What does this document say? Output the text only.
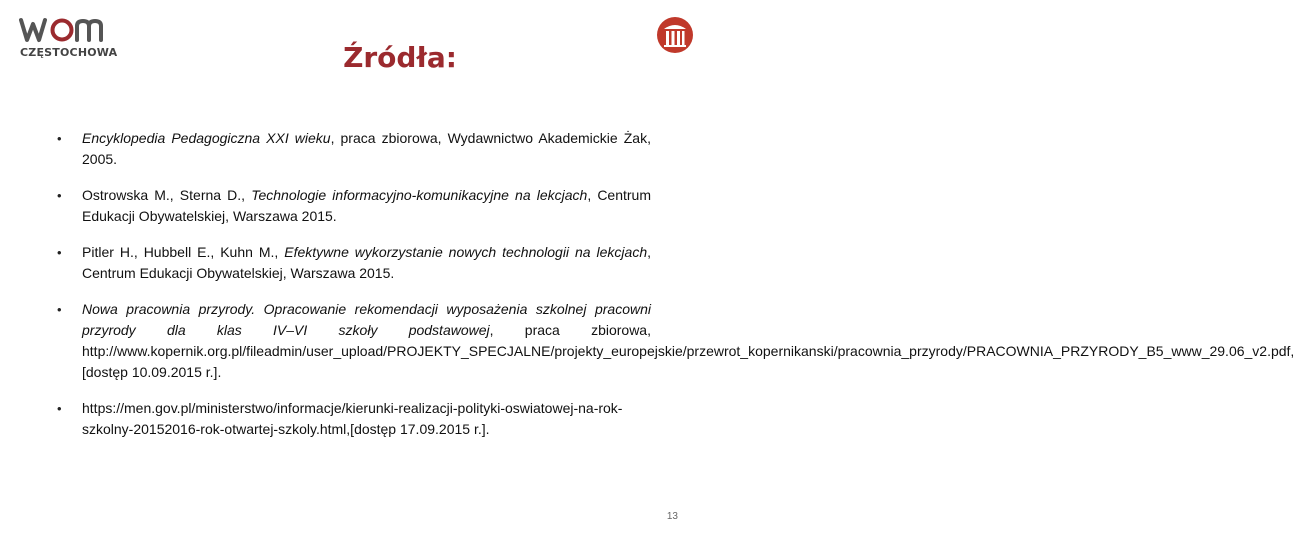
CZĘSTOCHOWA	Źródła:
• Encyklopedia Pedagogiczna XXI wieku, praca zbiorowa, Wydawnictwo Akademickie Żak, 2005.
• Ostrowska M., Sterna D., Technologie informacyjno-komunikacyjne na lekcjach, Centrum Edukacji Obywatelskiej, Warszawa 2015.
• Pitler H., Hubbell E., Kuhn M., Efektywne wykorzystanie nowych technologii na lekcjach, Centrum Edukacji Obywatelskiej, Warszawa 2015.
• Nowa pracownia przyrody. Opracowanie rekomendacji wyposażenia szkolnej pracowni przyrody dla klas IV–VI szkoły podstawowej, praca zbiorowa, http://www.kopernik.org.pl/fileadmin/user_upload/PROJEKTY_SPECJALNE/projekty_europejskie/przewrot_kopernikanski/pracownia_przyrody/PRACOWNIA_PRZYRODY_B5_www_29.06_v2.pdf, [dostęp 10.09.2015 r.].
• https://men.gov.pl/ministerstwo/informacje/kierunki-realizacji-polityki-oswiatowej-na-rok-szkolny-20152016-rok-otwartej-szkoly.html,[dostęp 17.09.2015 r.].
13
